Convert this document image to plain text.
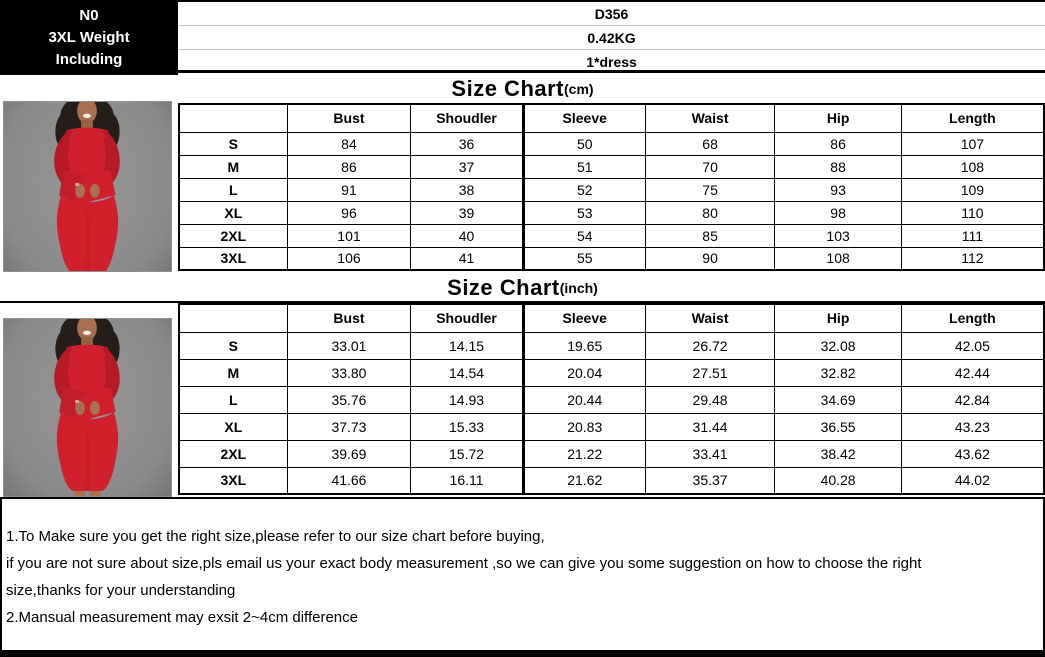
N0
3XL Weight
Including
D356
0.42KG
1*dress
Size Chart (cm)
	Bust	Shoudler	Sleeve	Waist	Hip	Length
S	84	36	50	68	86	107
M	86	37	51	70	88	108
L	91	38	52	75	93	109
XL	96	39	53	80	98	110
2XL	101	40	54	85	103	111
3XL	106	41	55	90	108	112
Size Chart (inch)
	Bust	Shoudler	Sleeve	Waist	Hip	Length
S	33.01	14.15	19.65	26.72	32.08	42.05
M	33.80	14.54	20.04	27.51	32.82	42.44
L	35.76	14.93	20.44	29.48	34.69	42.84
XL	37.73	15.33	20.83	31.44	36.55	43.23
2XL	39.69	15.72	21.22	33.41	38.42	43.62
3XL	41.66	16.11	21.62	35.37	40.28	44.02
1.To Make sure you get the right size,please refer to our size chart before buying,
if you are not sure about size,pls email us your exact body measurement ,so we can give you some suggestion on how to choose the right
size,thanks for your understanding
2.Mansual measurement may exsit 2~4cm difference
